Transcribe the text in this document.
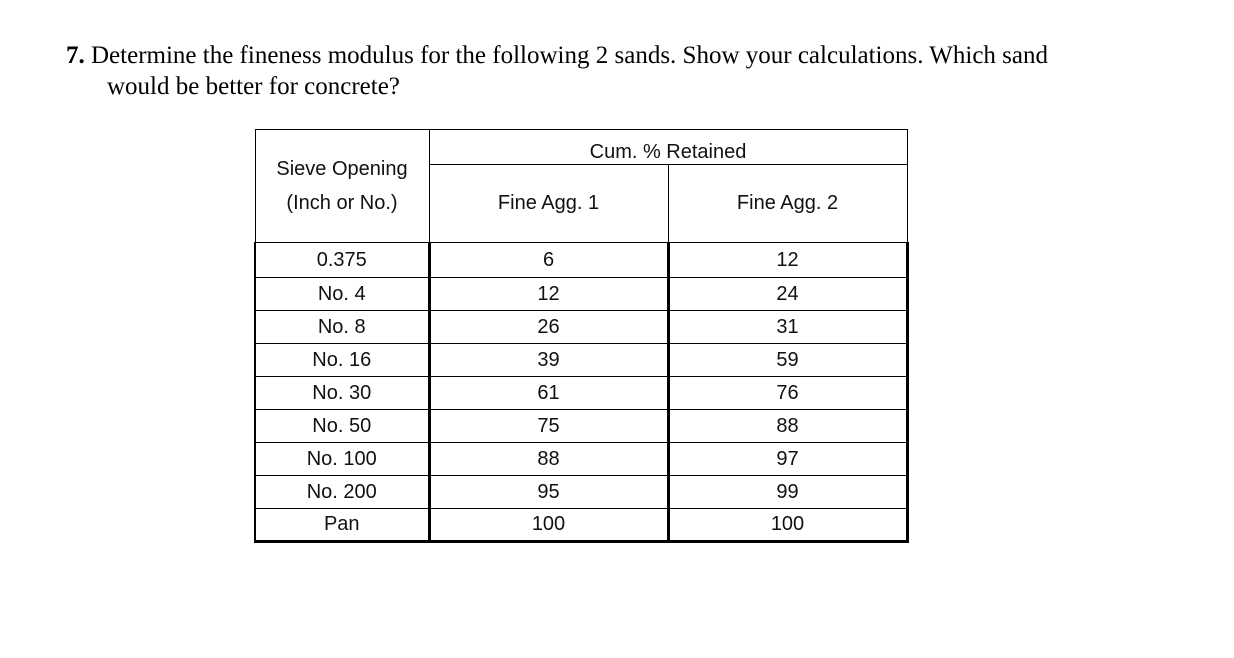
7. Determine the fineness modulus for the following 2 sands. Show your calculations. Which sand
would be better for concrete?
Sieve Opening
(Inch or No.)	Cum. % Retained	
	Fine Agg. 1	Fine Agg. 2
0.375	6	12
No. 4	12	24
No. 8	26	31
No. 16	39	59
No. 30	61	76
No. 50	75	88
No. 100	88	97
No. 200	95	99
Pan	100	100
